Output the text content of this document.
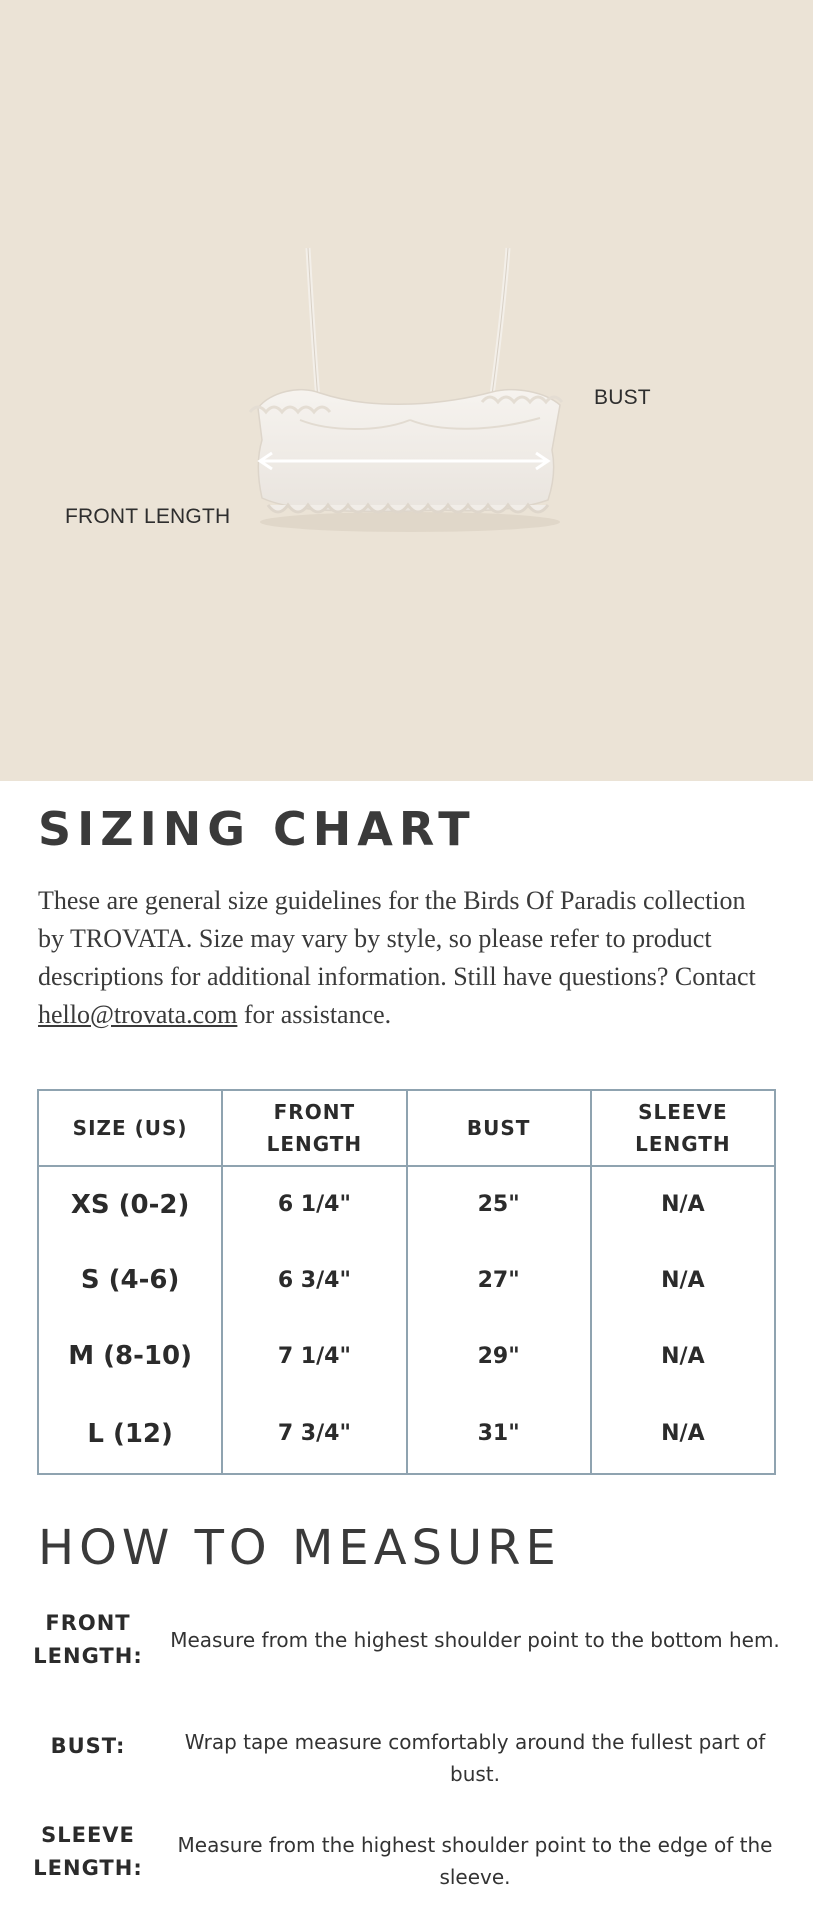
BUST
FRONT LENGTH
SIZING CHART

These are general size guidelines for the Birds Of Paradis collection by TROVATA. Size may vary by style, so please refer to product descriptions for additional information. Still have questions? Contact hello@trovata.com for assistance.

SIZE (US)	FRONT LENGTH	BUST	SLEEVE LENGTH
XS (0-2)	6 1/4"	25"	N/A
S (4-6)	6 3/4"	27"	N/A
M (8-10)	7 1/4"	29"	N/A
L (12)	7 3/4"	31"	N/A
HOW TO MEASURE
FRONT LENGTH:
Measure from the highest shoulder point to the bottom hem.
BUST:	Wrap tape measure comfortably around the fullest part of bust.
SLEEVE LENGTH:
Measure from the highest shoulder point to the edge of the sleeve.
